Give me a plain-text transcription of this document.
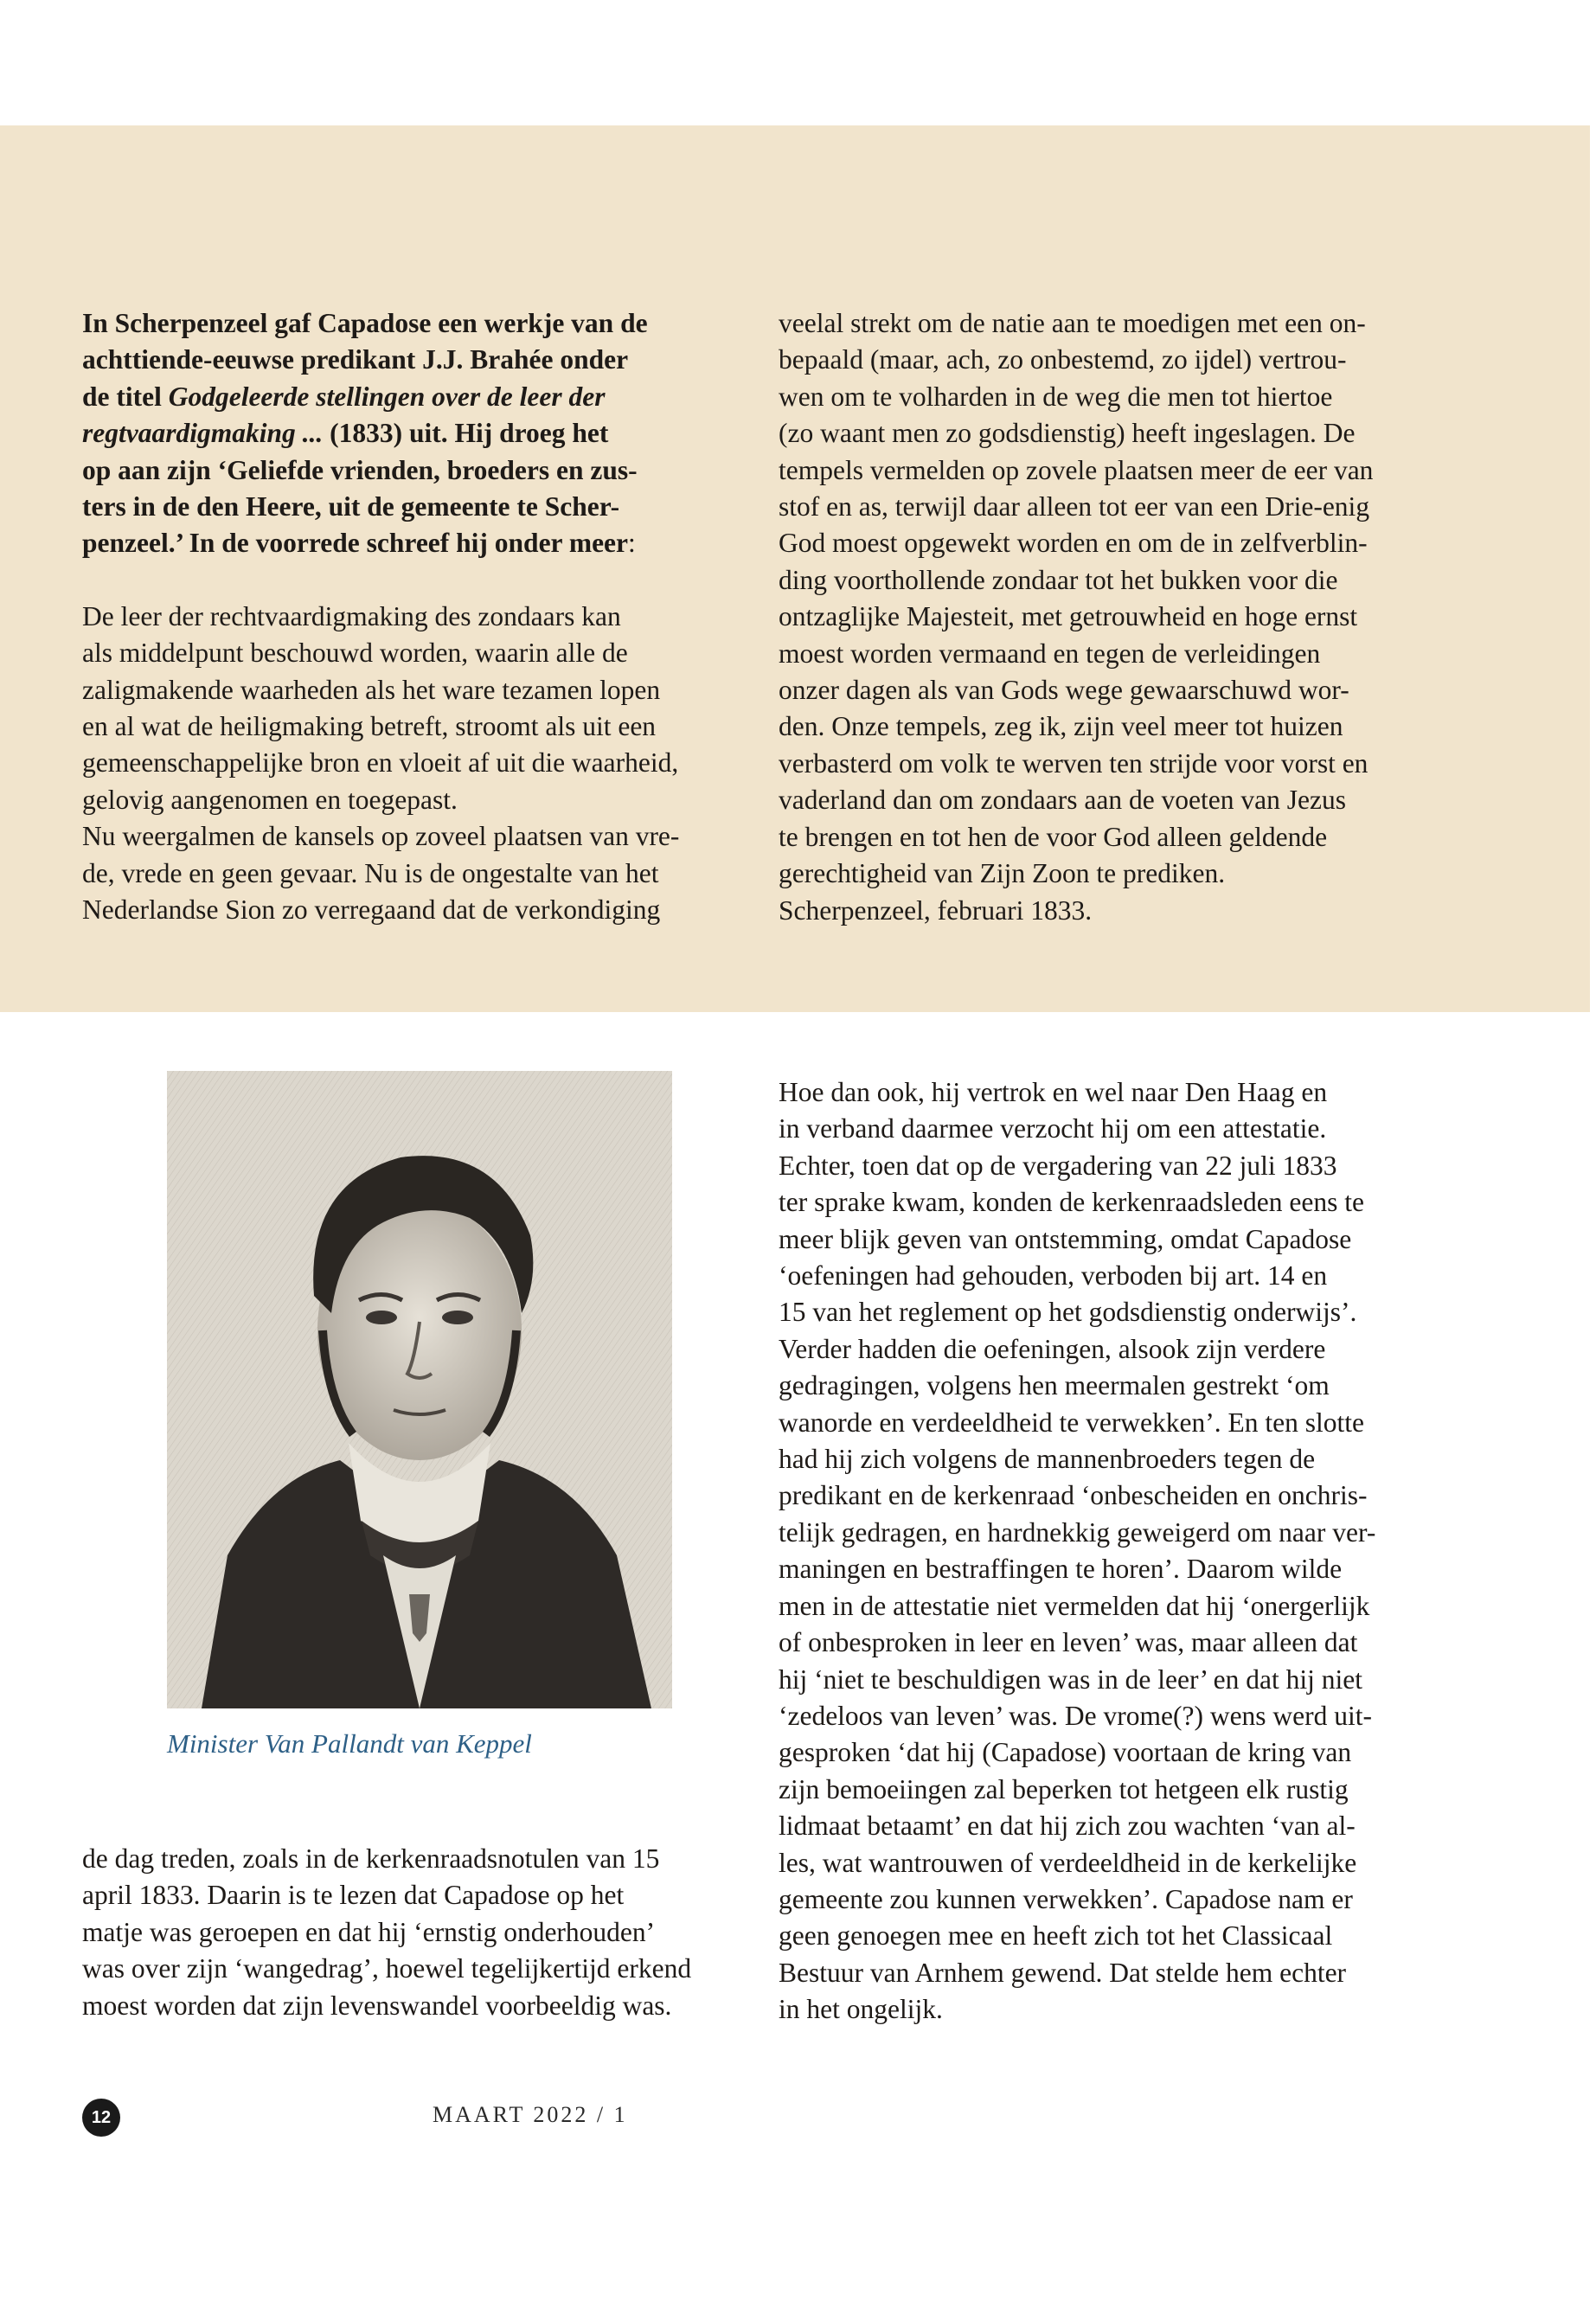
In Scherpenzeel gaf Capadose een werkje van de
achttiende-eeuwse predikant J.J. Brahée onder
de titel Godgeleerde stellingen over de leer der
regtvaardigmaking ... (1833) uit. Hij droeg het
op aan zijn ‘Geliefde vrienden, broeders en zus-
ters in de den Heere, uit de gemeente te Scher-
penzeel.’ In de voorrede schreef hij onder meer:

De leer der rechtvaardigmaking des zondaars kan
als middelpunt beschouwd worden, waarin alle de
zaligmakende waarheden als het ware tezamen lopen
en al wat de heiligmaking betreft, stroomt als uit een
gemeenschappelijke bron en vloeit af uit die waarheid,
gelovig aangenomen en toegepast.
Nu weergalmen de kansels op zoveel plaatsen van vre-
de, vrede en geen gevaar. Nu is de ongestalte van het
Nederlandse Sion zo verregaand dat de verkondiging

veelal strekt om de natie aan te moedigen met een on-
bepaald (maar, ach, zo onbestemd, zo ijdel) vertrou-
wen om te volharden in de weg die men tot hiertoe
(zo waant men zo godsdienstig) heeft ingeslagen. De
tempels vermelden op zovele plaatsen meer de eer van
stof en as, terwijl daar alleen tot eer van een Drie-enig
God moest opgewekt worden en om de in zelfverblin-
ding voorthollende zondaar tot het bukken voor die
ontzaglijke Majesteit, met getrouwheid en hoge ernst
moest worden vermaand en tegen de verleidingen
onzer dagen als van Gods wege gewaarschuwd wor-
den. Onze tempels, zeg ik, zijn veel meer tot huizen
verbasterd om volk te werven ten strijde voor vorst en
vaderland dan om zondaars aan de voeten van Jezus
te brengen en tot hen de voor God alleen geldende
gerechtigheid van Zijn Zoon te prediken.
Scherpenzeel, februari 1833.

Minister Van Pallandt van Keppel

de dag treden, zoals in de kerkenraadsnotulen van 15
april 1833. Daarin is te lezen dat Capadose op het
matje was geroepen en dat hij ‘ernstig onderhouden’
was over zijn ‘wangedrag’, hoewel tegelijkertijd erkend
moest worden dat zijn levenswandel voorbeeldig was.

Hoe dan ook, hij vertrok en wel naar Den Haag en
in verband daarmee verzocht hij om een attestatie.
Echter, toen dat op de vergadering van 22 juli 1833
ter sprake kwam, konden de kerkenraadsleden eens te
meer blijk geven van ontstemming, omdat Capadose
‘oefeningen had gehouden, verboden bij art. 14 en
15 van het reglement op het godsdienstig onderwijs’.
Verder hadden die oefeningen, alsook zijn verdere
gedragingen, volgens hen meermalen gestrekt ‘om
wanorde en verdeeldheid te verwekken’. En ten slotte
had hij zich volgens de mannenbroeders tegen de
predikant en de kerkenraad ‘onbescheiden en onchris-
telijk gedragen, en hardnekkig geweigerd om naar ver-
maningen en bestraffingen te horen’. Daarom wilde
men in de attestatie niet vermelden dat hij ‘onergerlijk
of onbesproken in leer en leven’ was, maar alleen dat
hij ‘niet te beschuldigen was in de leer’ en dat hij niet
‘zedeloos van leven’ was. De vrome(?) wens werd uit-
gesproken ‘dat hij (Capadose) voortaan de kring van
zijn bemoeiingen zal beperken tot hetgeen elk rustig
lidmaat betaamt’ en dat hij zich zou wachten ‘van al-
les, wat wantrouwen of verdeeldheid in de kerkelijke
gemeente zou kunnen verwekken’. Capadose nam er
geen genoegen mee en heeft zich tot het Classicaal
Bestuur van Arnhem gewend. Dat stelde hem echter
in het ongelijk.

12	MAART 2022 / 1
